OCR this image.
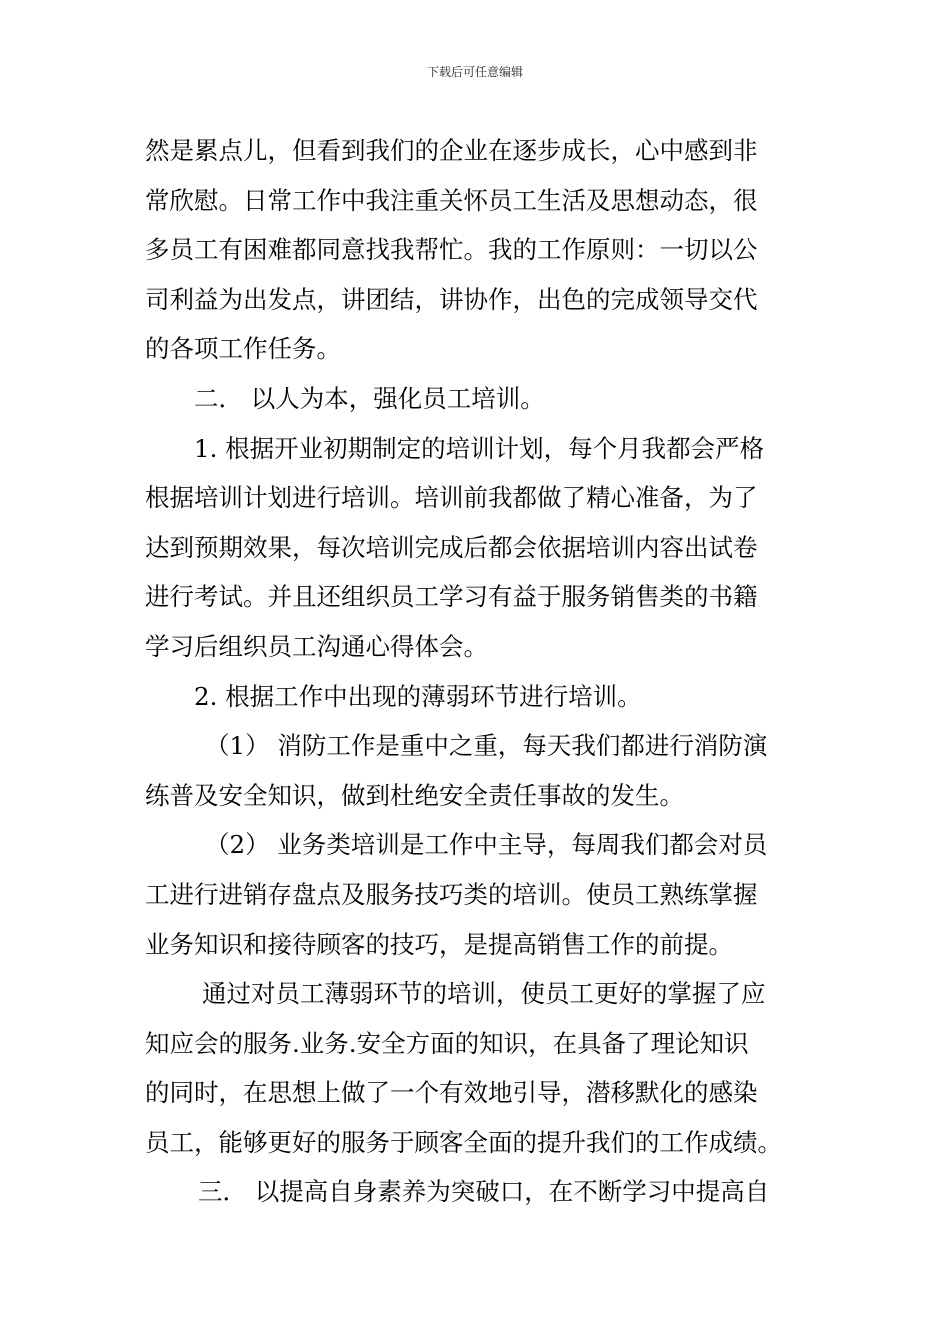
下载后可任意编辑
然是累点儿，但看到我们的企业在逐步成长，心中感到非
常欣慰。日常工作中我注重关怀员工生活及思想动态，很
多员工有困难都同意找我帮忙。我的工作原则：一切以公
司利益为出发点，讲团结，讲协作，出色的完成领导交代
的各项工作任务。
二． 以人为本，强化员工培训。
1. 根据开业初期制定的培训计划，每个月我都会严格
根据培训计划进行培训。培训前我都做了精心准备，为了
达到预期效果，每次培训完成后都会依据培训内容出试卷
进行考试。并且还组织员工学习有益于服务销售类的书籍
学习后组织员工沟通心得体会。
2. 根据工作中出现的薄弱环节进行培训。
（1） 消防工作是重中之重，每天我们都进行消防演
练普及安全知识，做到杜绝安全责任事故的发生。
（2） 业务类培训是工作中主导，每周我们都会对员
工进行进销存盘点及服务技巧类的培训。使员工熟练掌握
业务知识和接待顾客的技巧，是提高销售工作的前提。
通过对员工薄弱环节的培训，使员工更好的掌握了应
知应会的服务.业务.安全方面的知识，在具备了理论知识
的同时，在思想上做了一个有效地引导，潜移默化的感染
员工，能够更好的服务于顾客全面的提升我们的工作成绩。
三． 以提高自身素养为突破口，在不断学习中提高自
